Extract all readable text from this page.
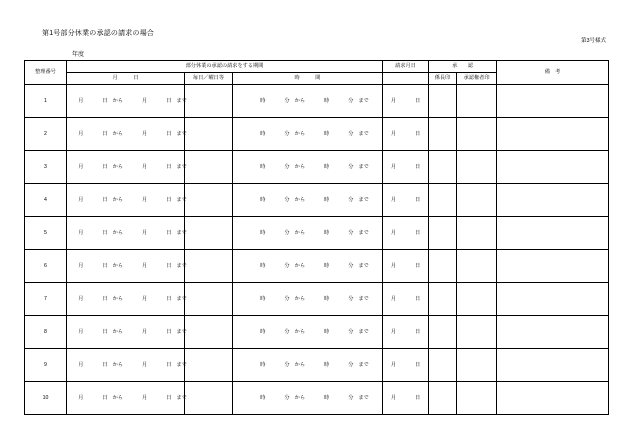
第1号部分休業の承認の請求の場合
第3号様式
年度
整理番号	部分休業の承認の請求をする期間			請求月日	承　　認		備　考
	月　　　日	毎日／曜日等	時　　　間		係長印	承認権者印	

1	月	日 から	月	日 まで		時	分 から	時	分 まで	月	日

2	月	日 から	月	日 まで		時	分 から	時	分 まで	月	日

3	月	日 から	月	日 まで		時	分 から	時	分 まで	月	日

4	月	日 から	月	日 まで		時	分 から	時	分 まで	月	日

5	月	日 から	月	日 まで		時	分 から	時	分 まで	月	日

6	月	日 から	月	日 まで		時	分 から	時	分 まで	月	日

7	月	日 から	月	日 まで		時	分 から	時	分 まで	月	日

8	月	日 から	月	日 まで		時	分 から	時	分 まで	月	日

9	月	日 から	月	日 まで		時	分 から	時	分 まで	月	日

10	月	日 から	月	日 まで		時	分 から	時	分 まで	月	日
